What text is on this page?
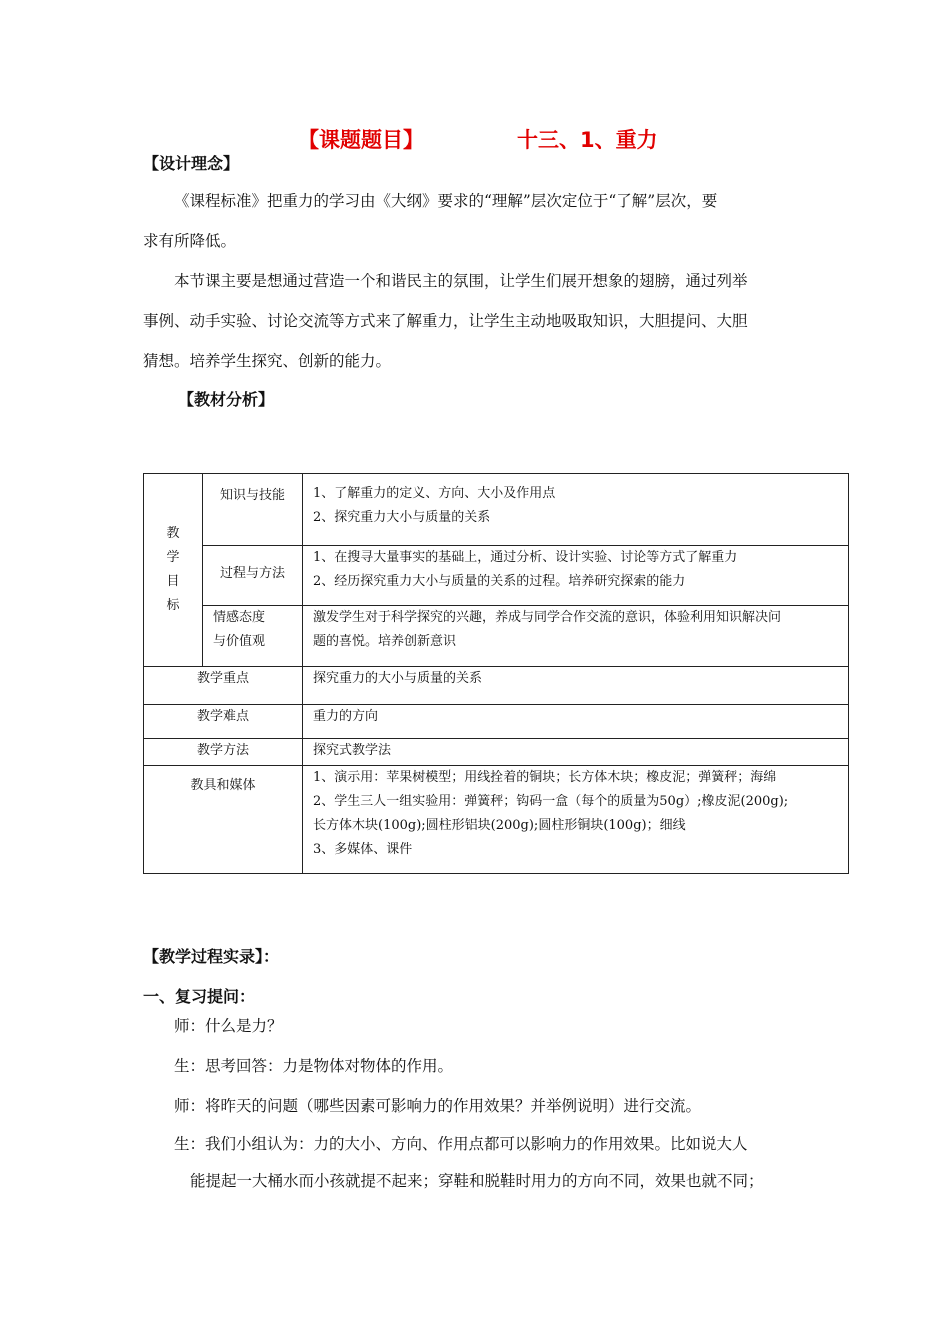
【课题题目】	十三、1、重力
【设计理念】
《课程标准》把重力的学习由《大纲》要求的“理解”层次定位于“了解”层次，要
求有所降低。
本节课主要是想通过营造一个和谐民主的氛围，让学生们展开想象的翅膀，通过列举
事例、动手实验、讨论交流等方式来了解重力，让学生主动地吸取知识，大胆提问、大胆
猜想。培养学生探究、创新的能力。
【教材分析】
教
学
目
标	知识与技能	1、了解重力的定义、方向、大小及作用点
2、探究重力大小与质量的关系

	过程与方法	1、在搜寻大量事实的基础上，通过分析、设计实验、讨论等方式了解重力
2、经历探究重力大小与质量的关系的过程。培养研究探索的能力

	情感态度
与价值观	激发学生对于科学探究的兴趣，养成与同学合作交流的意识，体验利用知识解决问
题的喜悦。培养创新意识

教学重点		探究重力的大小与质量的关系

教学难点		重力的方向

教学方法		探究式教学法

教具和媒体		1、演示用：苹果树模型；用线拴着的铜块；长方体木块；橡皮泥；弹簧秤；海绵
2、学生三人一组实验用：弹簧秤；钩码一盒（每个的质量为50g）;橡皮泥(200g);
长方体木块(100g);圆柱形铝块(200g);圆柱形铜块(100g)；细线
3、多媒体、课件
【教学过程实录】：
一、复习提问：
师：什么是力？
生：思考回答：力是物体对物体的作用。
师：将昨天的问题（哪些因素可影响力的作用效果？并举例说明）进行交流。
生：我们小组认为：力的大小、方向、作用点都可以影响力的作用效果。比如说大人
能提起一大桶水而小孩就提不起来；穿鞋和脱鞋时用力的方向不同，效果也就不同；
